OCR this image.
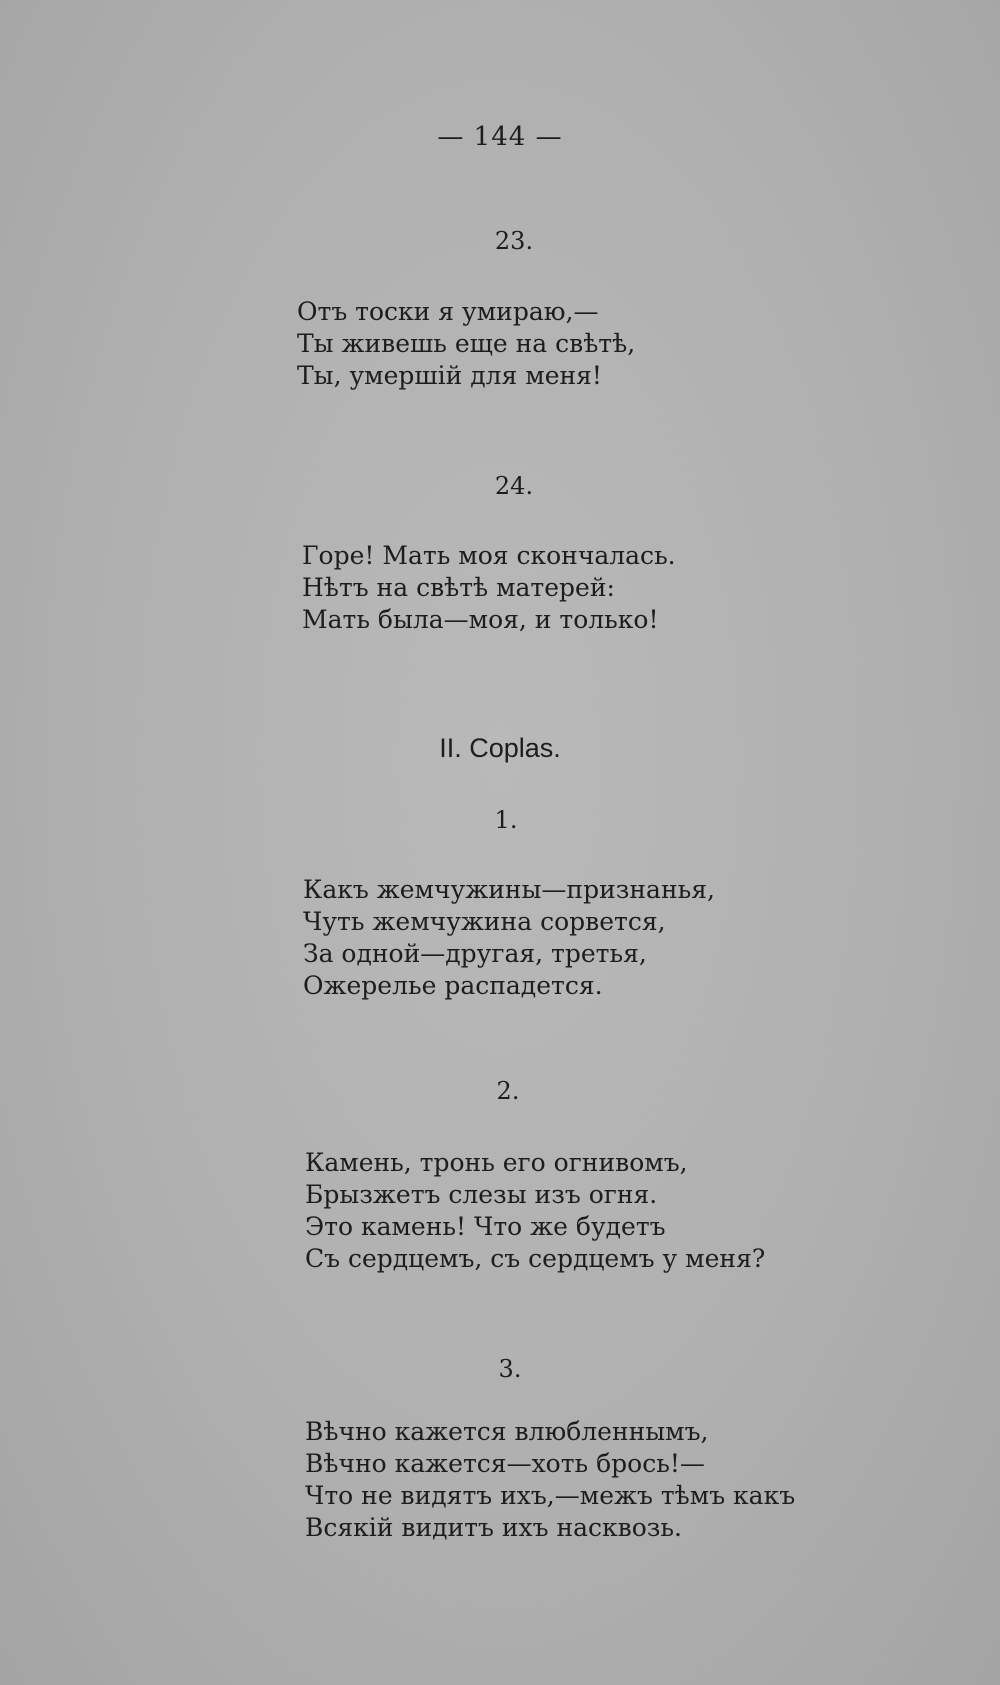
— 144 —
23.
Отъ тоски я умираю,—
Ты живешь еще на свѣтѣ,
Ты, умершій для меня!
24.
Горе! Мать моя скончалась.
Нѣтъ на свѣтѣ матерей:
Мать была—моя, и только!
II. Coplas.
1.
Какъ жемчужины—признанья,
Чуть жемчужина сорвется,
За одной—другая, третья,
Ожерелье распадется.
2.
Камень, тронь его огнивомъ,
Брызжетъ слезы изъ огня.
Это камень! Что же будетъ
Съ сердцемъ, съ сердцемъ у меня?
3.
Вѣчно кажется влюбленнымъ,
Вѣчно кажется—хоть брось!—
Что не видятъ ихъ,—межъ тѣмъ какъ
Всякій видитъ ихъ насквозь.
